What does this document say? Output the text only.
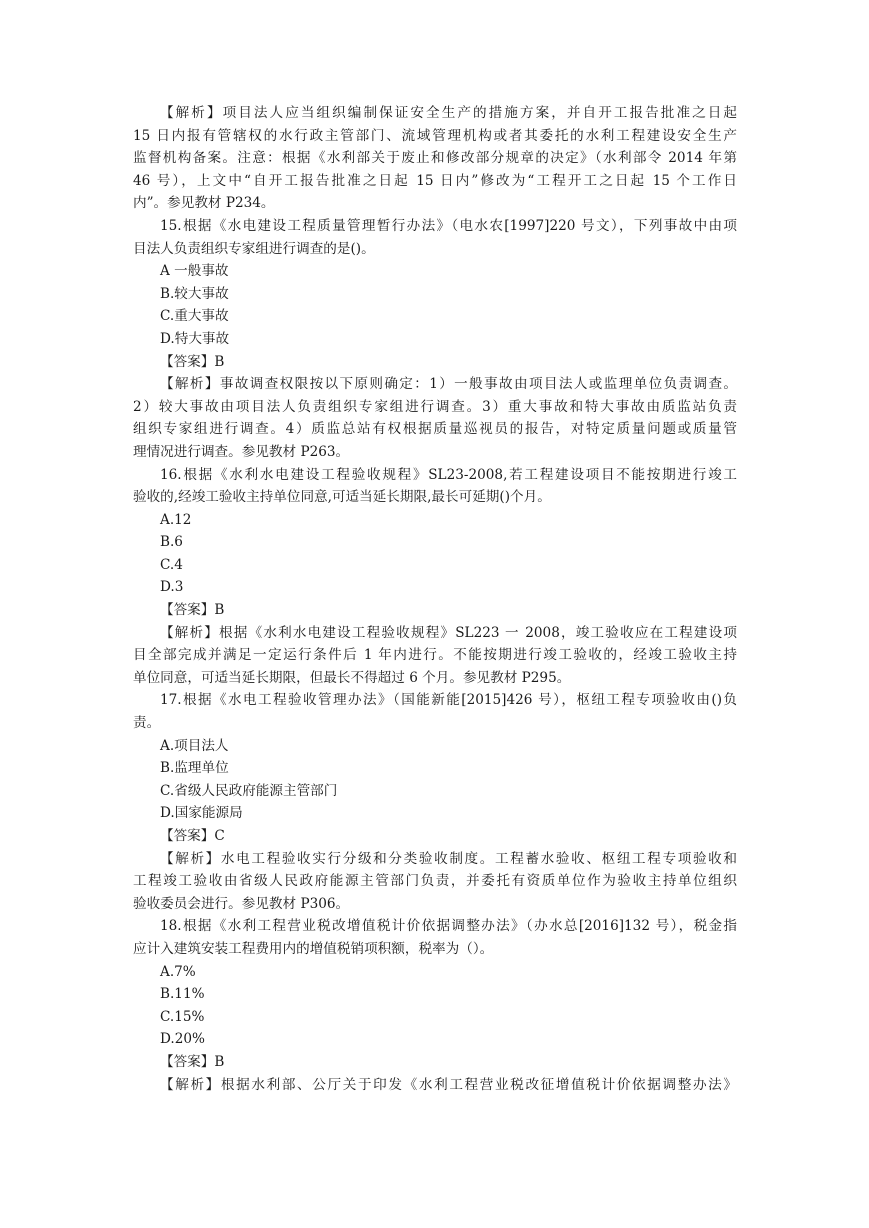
【解析】项目法人应当组织编制保证安全生产的措施方案，并自开工报告批准之日起
15 日内报有管辖权的水行政主管部门、流域管理机构或者其委托的水利工程建设安全生产
监督机构备案。注意：根据《水利部关于废止和修改部分规章的决定》（水利部令 2014 年第
46 号），上文中“自开工报告批准之日起 15 日内”修改为“工程开工之日起 15 个工作日
内”。参见教材 P234。
15.根据《水电建设工程质量管理暂行办法》（电水农[1997]220 号文），下列事故中由项
目法人负责组织专家组进行调查的是()。
A 一般事故
B.较大事故
C.重大事故
D.特大事故
【答案】B
【解析】事故调查权限按以下原则确定：1）一般事故由项目法人或监理单位负责调查。
2）较大事故由项目法人负责组织专家组进行调查。3）重大事故和特大事故由质监站负责
组织专家组进行调查。4）质监总站有权根据质量巡视员的报告，对特定质量问题或质量管
理情况进行调查。参见教材 P263。
16.根据《水利水电建设工程验收规程》SL23-2008,若工程建设项目不能按期进行竣工
验收的,经竣工验收主持单位同意,可适当延长期限,最长可延期()个月。
A.12
B.6
C.4
D.3
【答案】B
【解析】根据《水利水电建设工程验收规程》SL223 一 2008，竣工验收应在工程建设项
目全部完成并满足一定运行条件后 1 年内进行。不能按期进行竣工验收的，经竣工验收主持
单位同意，可适当延长期限，但最长不得超过 6 个月。参见教材 P295。
17.根据《水电工程验收管理办法》（国能新能[2015]426 号），枢纽工程专项验收由()负
责。
A.项目法人
B.监理单位
C.省级人民政府能源主管部门
D.国家能源局
【答案】C
【解析】水电工程验收实行分级和分类验收制度。工程蓄水验收、枢纽工程专项验收和
工程竣工验收由省级人民政府能源主管部门负责，并委托有资质单位作为验收主持单位组织
验收委员会进行。参见教材 P306。
18.根据《水利工程营业税改增值税计价依据调整办法》（办水总[2016]132 号），税金指
应计入建筑安装工程费用内的增值税销项积额，税率为（）。
A.7%
B.11%
C.15%
D.20%
【答案】B
【解析】根据水利部、公厅关于印发《水利工程营业税改征增值税计价依据调整办法》
